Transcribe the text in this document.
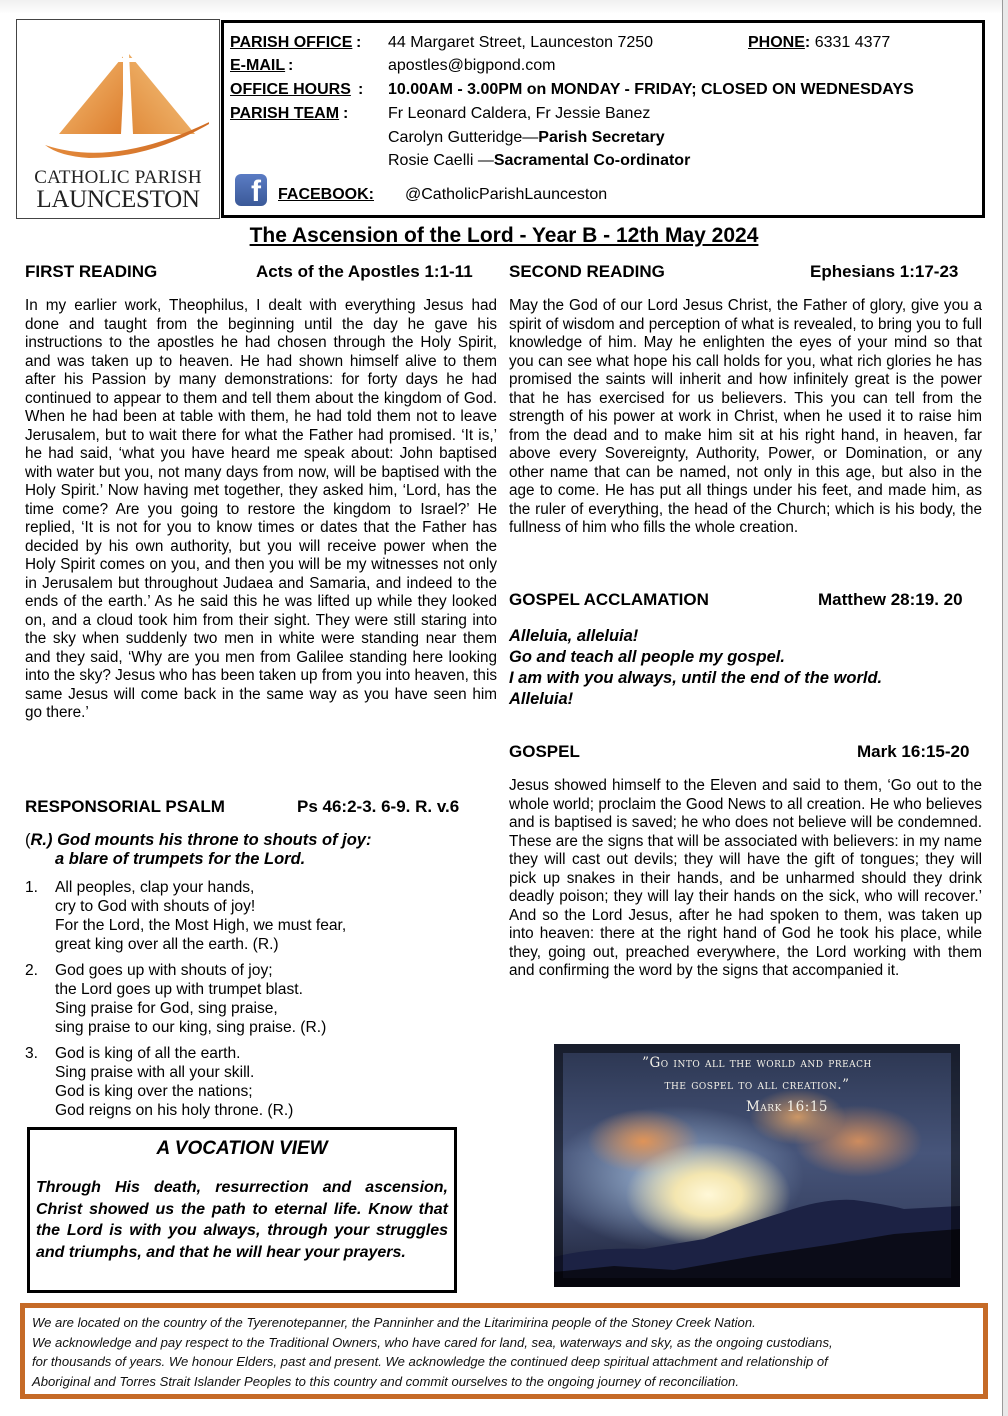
CATHOLIC PARISH
LAUNCESTON
PARISH OFFICE : 44 Margaret Street, Launceston 7250	PHONE: 6331 4377
E-MAIL :	apostles@bigpond.com
OFFICE HOURS : 10.00AM - 3.00PM on MONDAY - FRIDAY; CLOSED ON WEDNESDAYS
PARISH TEAM : Fr Leonard Caldera, Fr Jessie Banez
Carolyn Gutteridge—Parish Secretary
Rosie Caelli —Sacramental Co-ordinator
f	FACEBOOK: @CatholicParishLaunceston
The Ascension of the Lord - Year B - 12th May 2024
FIRST READING	Acts of the Apostles 1:1-11
In my earlier work, Theophilus, I dealt with everything Jesus had done and taught from the beginning until the day he gave his instructions to the apostles he had chosen through the Holy Spirit, and was taken up to heaven. He had shown himself alive to them after his Passion by many demonstrations: for forty days he had continued to appear to them and tell them about the kingdom of God. When he had been at table with them, he had told them not to leave Jerusalem, but to wait there for what the Father had promised. ‘It is,’ he had said, ‘what you have heard me speak about: John baptised with water but you, not many days from now, will be baptised with the Holy Spirit.’ Now having met together, they asked him, ‘Lord, has the time come? Are you going to restore the kingdom to Israel?’ He replied, ‘It is not for you to know times or dates that the Father has decided by his own authority, but you will receive power when the Holy Spirit comes on you, and then you will be my witnesses not only in Jerusalem but throughout Judaea and Samaria, and indeed to the ends of the earth.’ As he said this he was lifted up while they looked on, and a cloud took him from their sight. They were still staring into the sky when suddenly two men in white were standing near them and they said, ‘Why are you men from Galilee standing here looking into the sky? Jesus who has been taken up from you into heaven, this same Jesus will come back in the same way as you have seen him go there.’
RESPONSORIAL PSALM	Ps 46:2-3. 6-9. R. v.6
(R.) God mounts his throne to shouts of joy:
a blare of trumpets for the Lord.
1. All peoples, clap your hands,
cry to God with shouts of joy!
For the Lord, the Most High, we must fear,
great king over all the earth. (R.)
2. God goes up with shouts of joy;
the Lord goes up with trumpet blast.
Sing praise for God, sing praise,
sing praise to our king, sing praise. (R.)
3. God is king of all the earth.
Sing praise with all your skill.
God is king over the nations;
God reigns on his holy throne. (R.)
A VOCATION VIEW
Through His death, resurrection and ascension, Christ showed us the path to eternal life. Know that the Lord is with you always, through your struggles and triumphs, and that he will hear your prayers.
SECOND READING	Ephesians 1:17-23
May the God of our Lord Jesus Christ, the Father of glory, give you a spirit of wisdom and perception of what is revealed, to bring you to full knowledge of him. May he enlighten the eyes of your mind so that you can see what hope his call holds for you, what rich glories he has promised the saints will inherit and how infinitely great is the power that he has exercised for us believers. This you can tell from the strength of his power at work in Christ, when he used it to raise him from the dead and to make him sit at his right hand, in heaven, far above every Sovereignty, Authority, Power, or Domination, or any other name that can be named, not only in this age, but also in the age to come. He has put all things under his feet, and made him, as the ruler of everything, the head of the Church; which is his body, the fullness of him who fills the whole creation.
GOSPEL ACCLAMATION	Matthew 28:19. 20
Alleluia, alleluia!
Go and teach all people my gospel.
I am with you always, until the end of the world.
Alleluia!
GOSPEL	Mark 16:15-20
Jesus showed himself to the Eleven and said to them, ‘Go out to the whole world; proclaim the Good News to all creation. He who believes and is baptised is saved; he who does not believe will be condemned. These are the signs that will be associated with believers: in my name they will cast out devils; they will have the gift of tongues; they will pick up snakes in their hands, and be unharmed should they drink deadly poison; they will lay their hands on the sick, who will recover.’ And so the Lord Jesus, after he had spoken to them, was taken up into heaven: there at the right hand of God he took his place, while they, going out, preached everywhere, the Lord working with them and confirming the word by the signs that accompanied it.
”Go into all the world and preach
the gospel to all creation.”
Mark 16:15
We are located on the country of the Tyerenotepanner, the Panninher and the Litarimirina people of the Stoney Creek Nation.
We acknowledge and pay respect to the Traditional Owners, who have cared for land, sea, waterways and sky, as the ongoing custodians,
for thousands of years. We honour Elders, past and present. We acknowledge the continued deep spiritual attachment and relationship of
Aboriginal and Torres Strait Islander Peoples to this country and commit ourselves to the ongoing journey of reconciliation.
